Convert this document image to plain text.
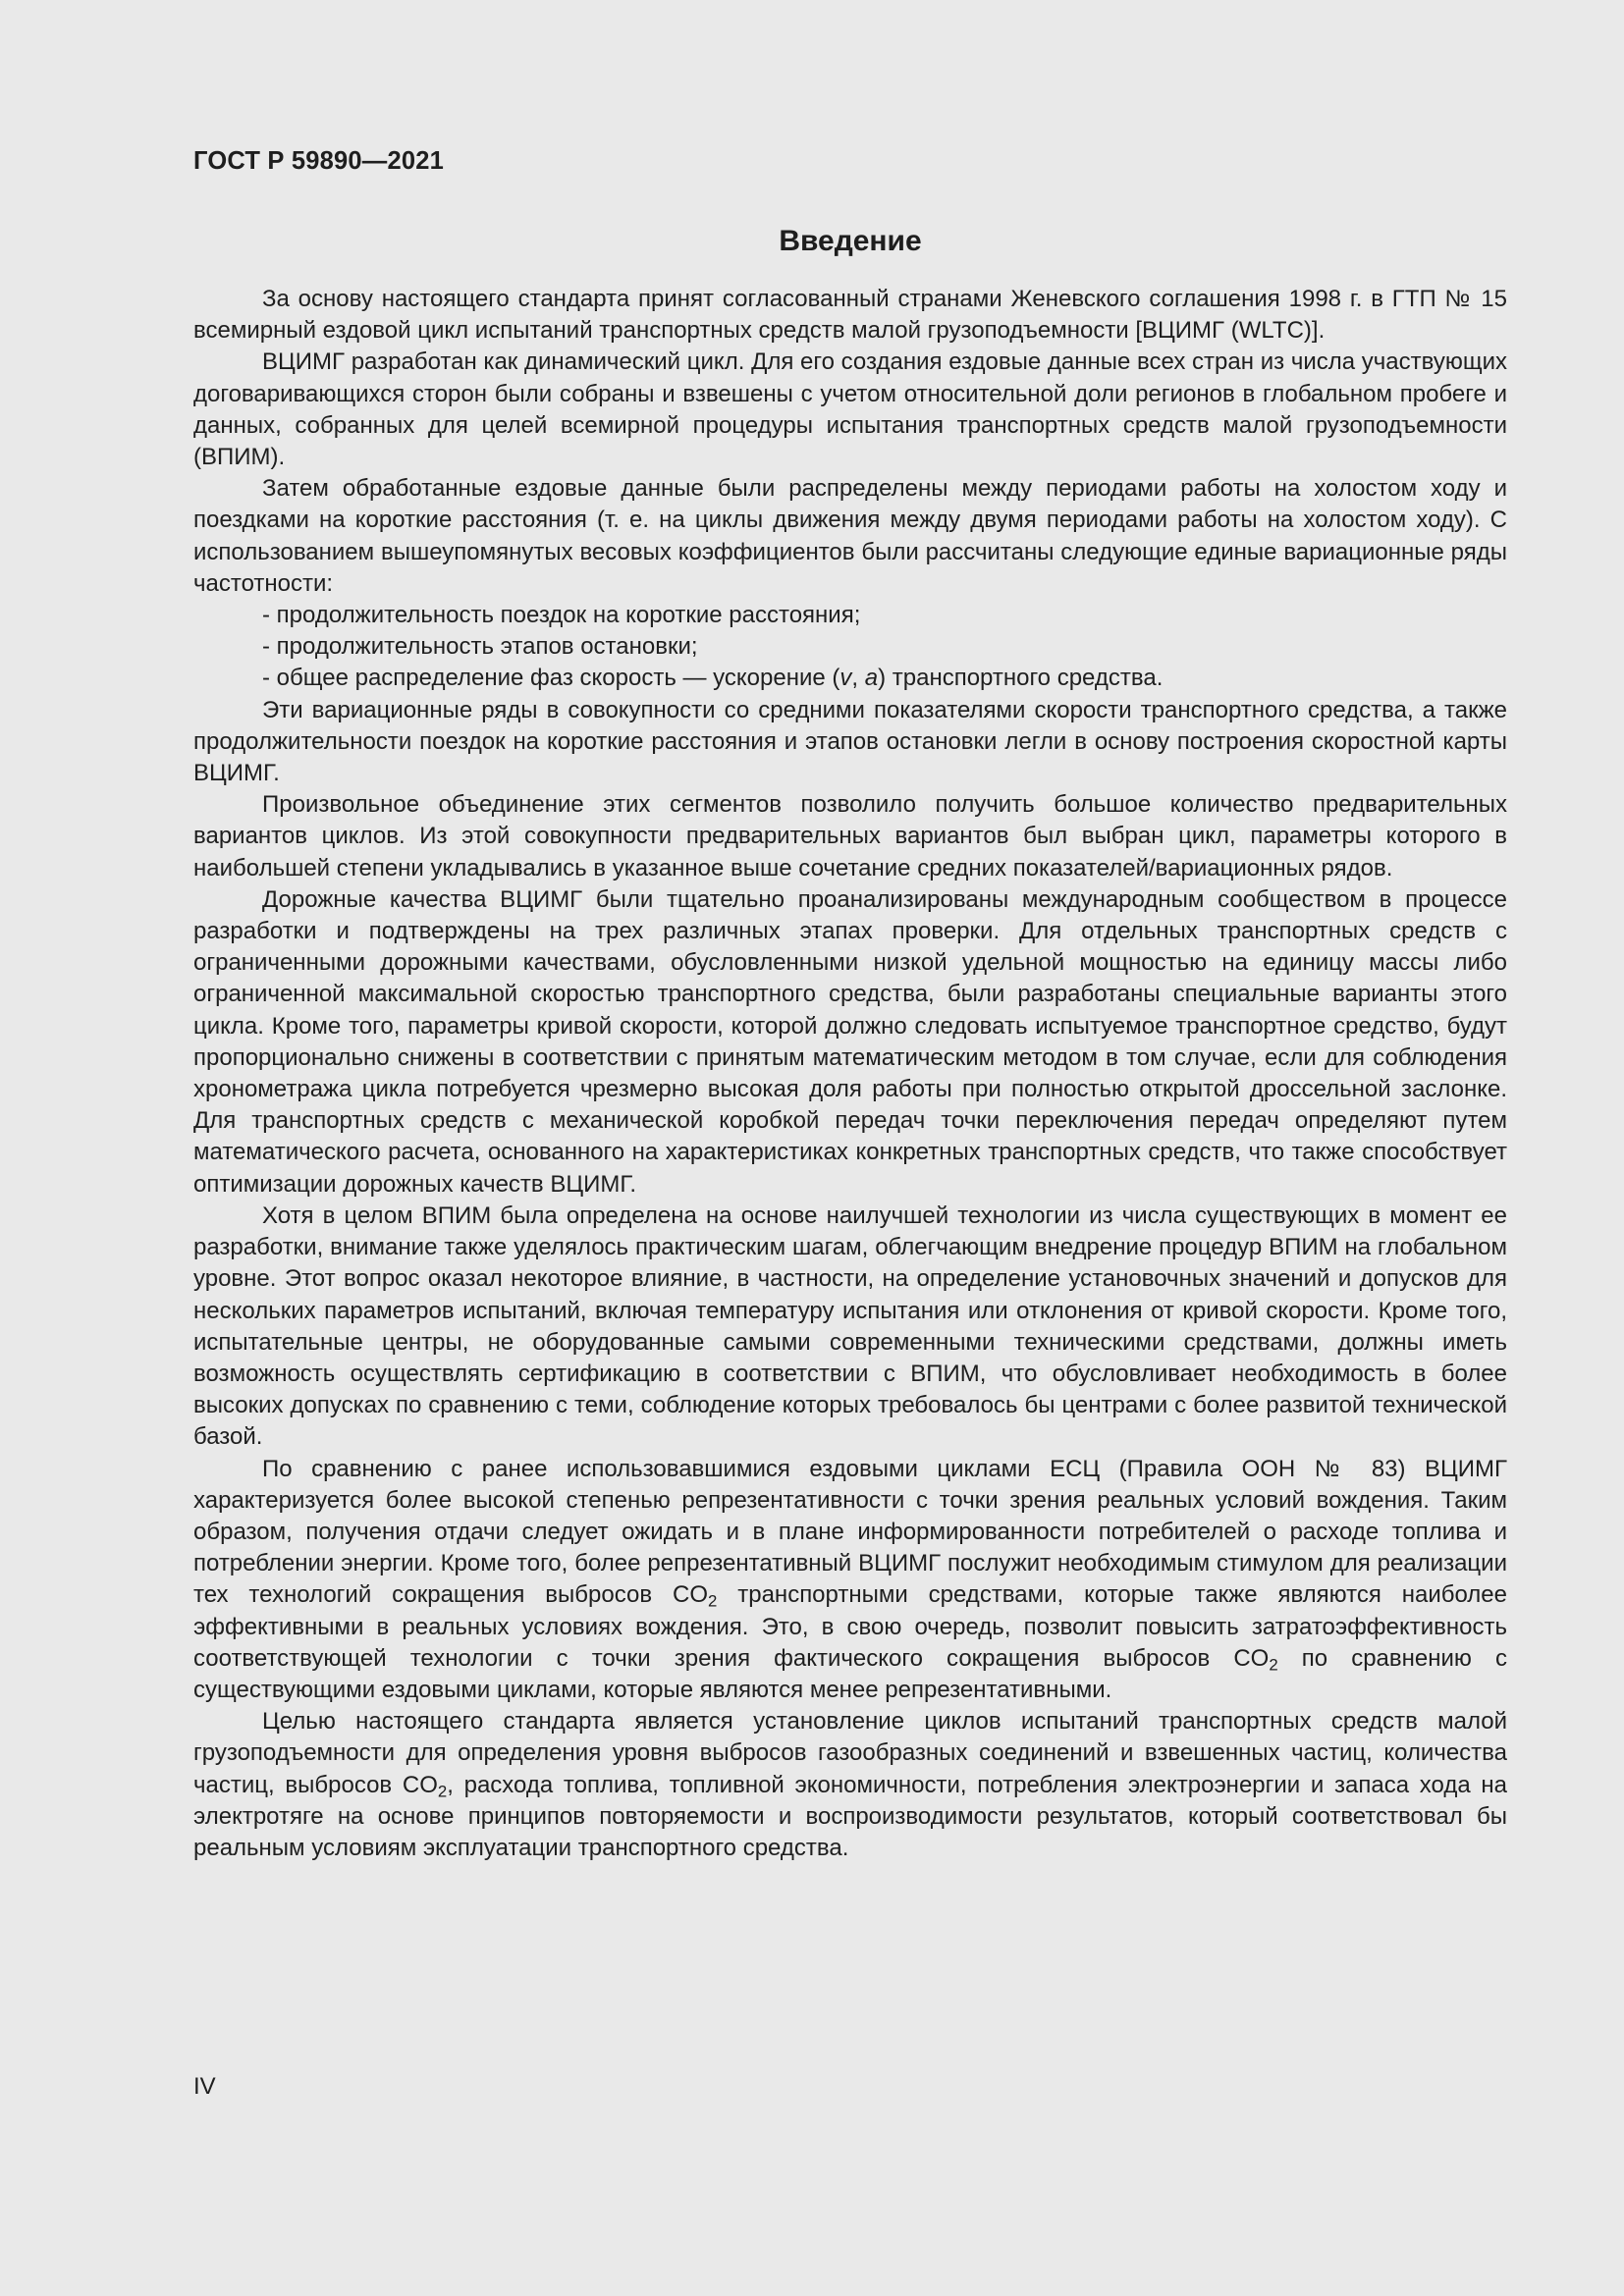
ГОСТ Р 59890—2021
Введение

За основу настоящего стандарта принят согласованный странами Женевского соглашения 1998 г. в ГТП № 15 всемирный ездовой цикл испытаний транспортных средств малой грузоподъемности [ВЦИМГ (WLTC)].

ВЦИМГ разработан как динамический цикл. Для его создания ездовые данные всех стран из числа участвующих договаривающихся сторон были собраны и взвешены с учетом относительной доли регионов в глобальном пробеге и данных, собранных для целей всемирной процедуры испытания транспортных средств малой грузоподъемности (ВПИМ).

Затем обработанные ездовые данные были распределены между периодами работы на холостом ходу и поездками на короткие расстояния (т. е. на циклы движения между двумя периодами работы на холостом ходу). С использованием вышеупомянутых весовых коэффициентов были рассчитаны следующие единые вариационные ряды частотности:

- продолжительность поездок на короткие расстояния;

- продолжительность этапов остановки;

- общее распределение фаз скорость — ускорение (v, a) транспортного средства.

Эти вариационные ряды в совокупности со средними показателями скорости транспортного средства, а также продолжительности поездок на короткие расстояния и этапов остановки легли в основу построения скоростной карты ВЦИМГ.

Произвольное объединение этих сегментов позволило получить большое количество предварительных вариантов циклов. Из этой совокупности предварительных вариантов был выбран цикл, параметры которого в наибольшей степени укладывались в указанное выше сочетание средних показателей/вариационных рядов.

Дорожные качества ВЦИМГ были тщательно проанализированы международным сообществом в процессе разработки и подтверждены на трех различных этапах проверки. Для отдельных транспортных средств с ограниченными дорожными качествами, обусловленными низкой удельной мощностью на единицу массы либо ограниченной максимальной скоростью транспортного средства, были разработаны специальные варианты этого цикла. Кроме того, параметры кривой скорости, которой должно следовать испытуемое транспортное средство, будут пропорционально снижены в соответствии с принятым математическим методом в том случае, если для соблюдения хронометража цикла потребуется чрезмерно высокая доля работы при полностью открытой дроссельной заслонке. Для транспортных средств с механической коробкой передач точки переключения передач определяют путем математического расчета, основанного на характеристиках конкретных транспортных средств, что также способствует оптимизации дорожных качеств ВЦИМГ.

Хотя в целом ВПИМ была определена на основе наилучшей технологии из числа существующих в момент ее разработки, внимание также уделялось практическим шагам, облегчающим внедрение процедур ВПИМ на глобальном уровне. Этот вопрос оказал некоторое влияние, в частности, на определение установочных значений и допусков для нескольких параметров испытаний, включая температуру испытания или отклонения от кривой скорости. Кроме того, испытательные центры, не оборудованные самыми современными техническими средствами, должны иметь возможность осуществлять сертификацию в соответствии с ВПИМ, что обусловливает необходимость в более высоких допусках по сравнению с теми, соблюдение которых требовалось бы центрами с более развитой технической базой.

По сравнению с ранее использовавшимися ездовыми циклами ЕСЦ (Правила ООН № 83) ВЦИМГ характеризуется более высокой степенью репрезентативности с точки зрения реальных условий вождения. Таким образом, получения отдачи следует ожидать и в плане информированности потребителей о расходе топлива и потреблении энергии. Кроме того, более репрезентативный ВЦИМГ послужит необходимым стимулом для реализации тех технологий сокращения выбросов $CO_2$ транспортными средствами, которые также являются наиболее эффективными в реальных условиях вождения. Это, в свою очередь, позволит повысить затратоэффективность соответствующей технологии с точки зрения фактического сокращения выбросов $CO_2$ по сравнению с существующими ездовыми циклами, которые являются менее репрезентативными.

Целью настоящего стандарта является установление циклов испытаний транспортных средств малой грузоподъемности для определения уровня выбросов газообразных соединений и взвешенных частиц, количества частиц, выбросов $CO_2$, расхода топлива, топливной экономичности, потребления электроэнергии и запаса хода на электротяге на основе принципов повторяемости и воспроизводимости результатов, который соответствовал бы реальным условиям эксплуатации транспортного средства.

IV
